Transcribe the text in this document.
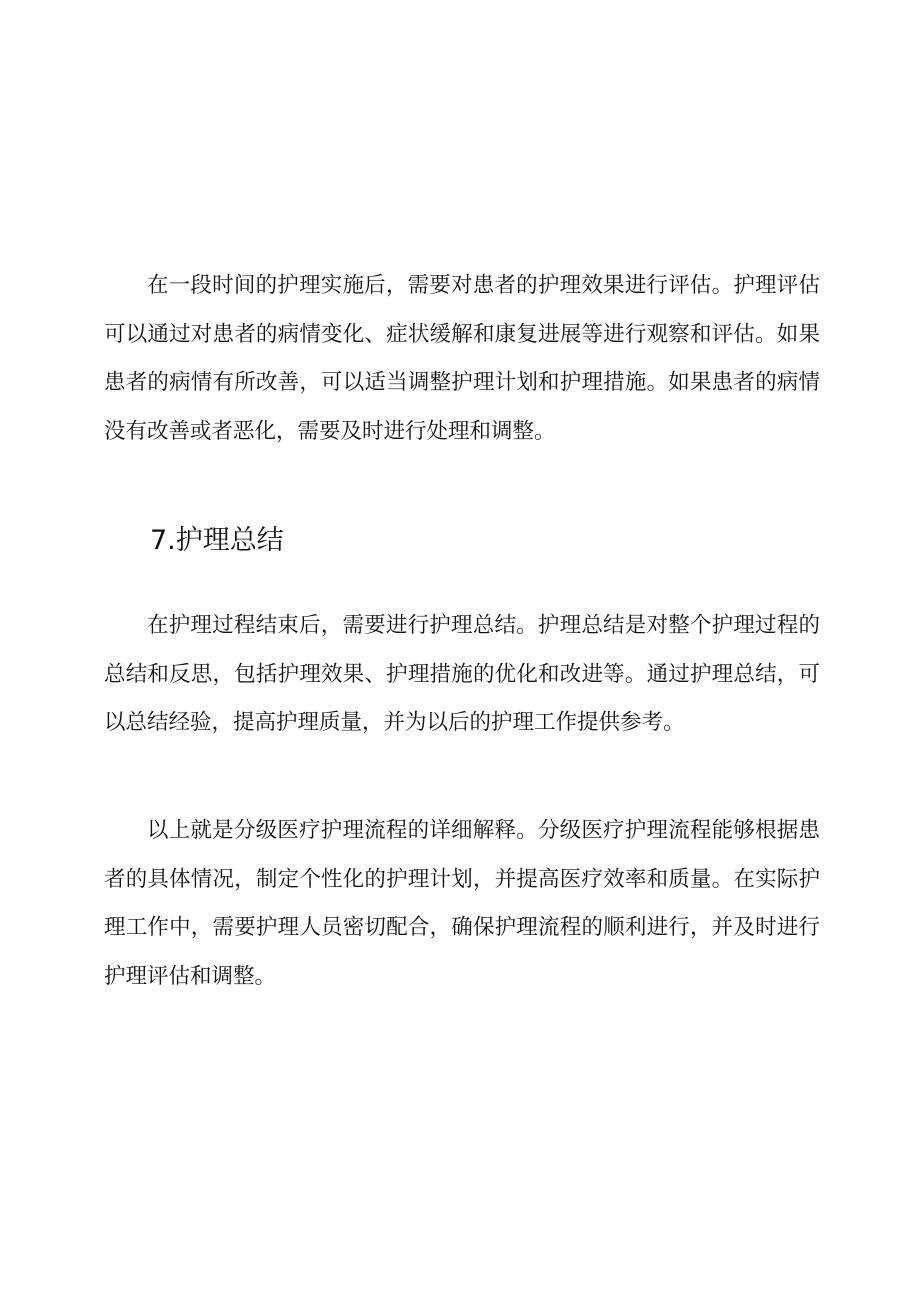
在一段时间的护理实施后，需要对患者的护理效果进行评估。护理评估可以通过对患者的病情变化、症状缓解和康复进展等进行观察和评估。如果患者的病情有所改善，可以适当调整护理计划和护理措施。如果患者的病情没有改善或者恶化，需要及时进行处理和调整。

7.护理总结

在护理过程结束后，需要进行护理总结。护理总结是对整个护理过程的总结和反思，包括护理效果、护理措施的优化和改进等。通过护理总结，可以总结经验，提高护理质量，并为以后的护理工作提供参考。

以上就是分级医疗护理流程的详细解释。分级医疗护理流程能够根据患者的具体情况，制定个性化的护理计划，并提高医疗效率和质量。在实际护理工作中，需要护理人员密切配合，确保护理流程的顺利进行，并及时进行护理评估和调整。
